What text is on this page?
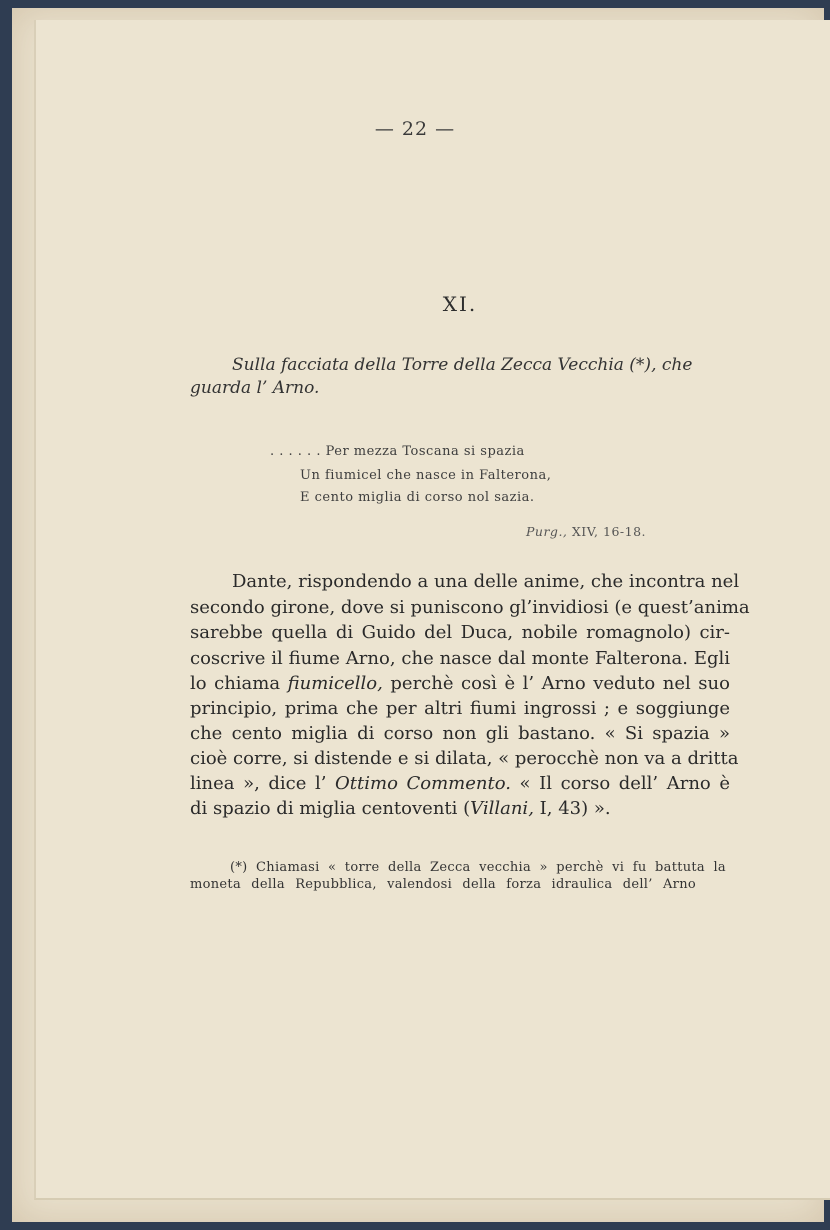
— 22 —
XI.
Sulla facciata della Torre della Zecca Vecchia (*), che guarda l’ Arno.
. . . . . . Per mezza Toscana si spazia
Un fiumicel che nasce in Falterona,
E cento miglia di corso nol sazia.
Purg., XIV, 16-18.
Dante, rispondendo a una delle anime, che incontra nel
secondo girone, dove si puniscono gl’invidiosi (e quest’anima
sarebbe quella di Guido del Duca, nobile romagnolo) cir-
coscrive il fiume Arno, che nasce dal monte Falterona. Egli
lo chiama fiumicello, perchè così è l’ Arno veduto nel suo
principio, prima che per altri fiumi ingrossi ; e soggiunge
che cento miglia di corso non gli bastano. « Si spazia »
cioè corre, si distende e si dilata, « perocchè non va a dritta
linea », dice l’ Ottimo Commento. « Il corso dell’ Arno è
di spazio di miglia centoventi (Villani, I, 43) ».
(*) Chiamasi « torre della Zecca vecchia » perchè vi fu battuta la
moneta della Repubblica, valendosi della forza idraulica dell’ Arno
